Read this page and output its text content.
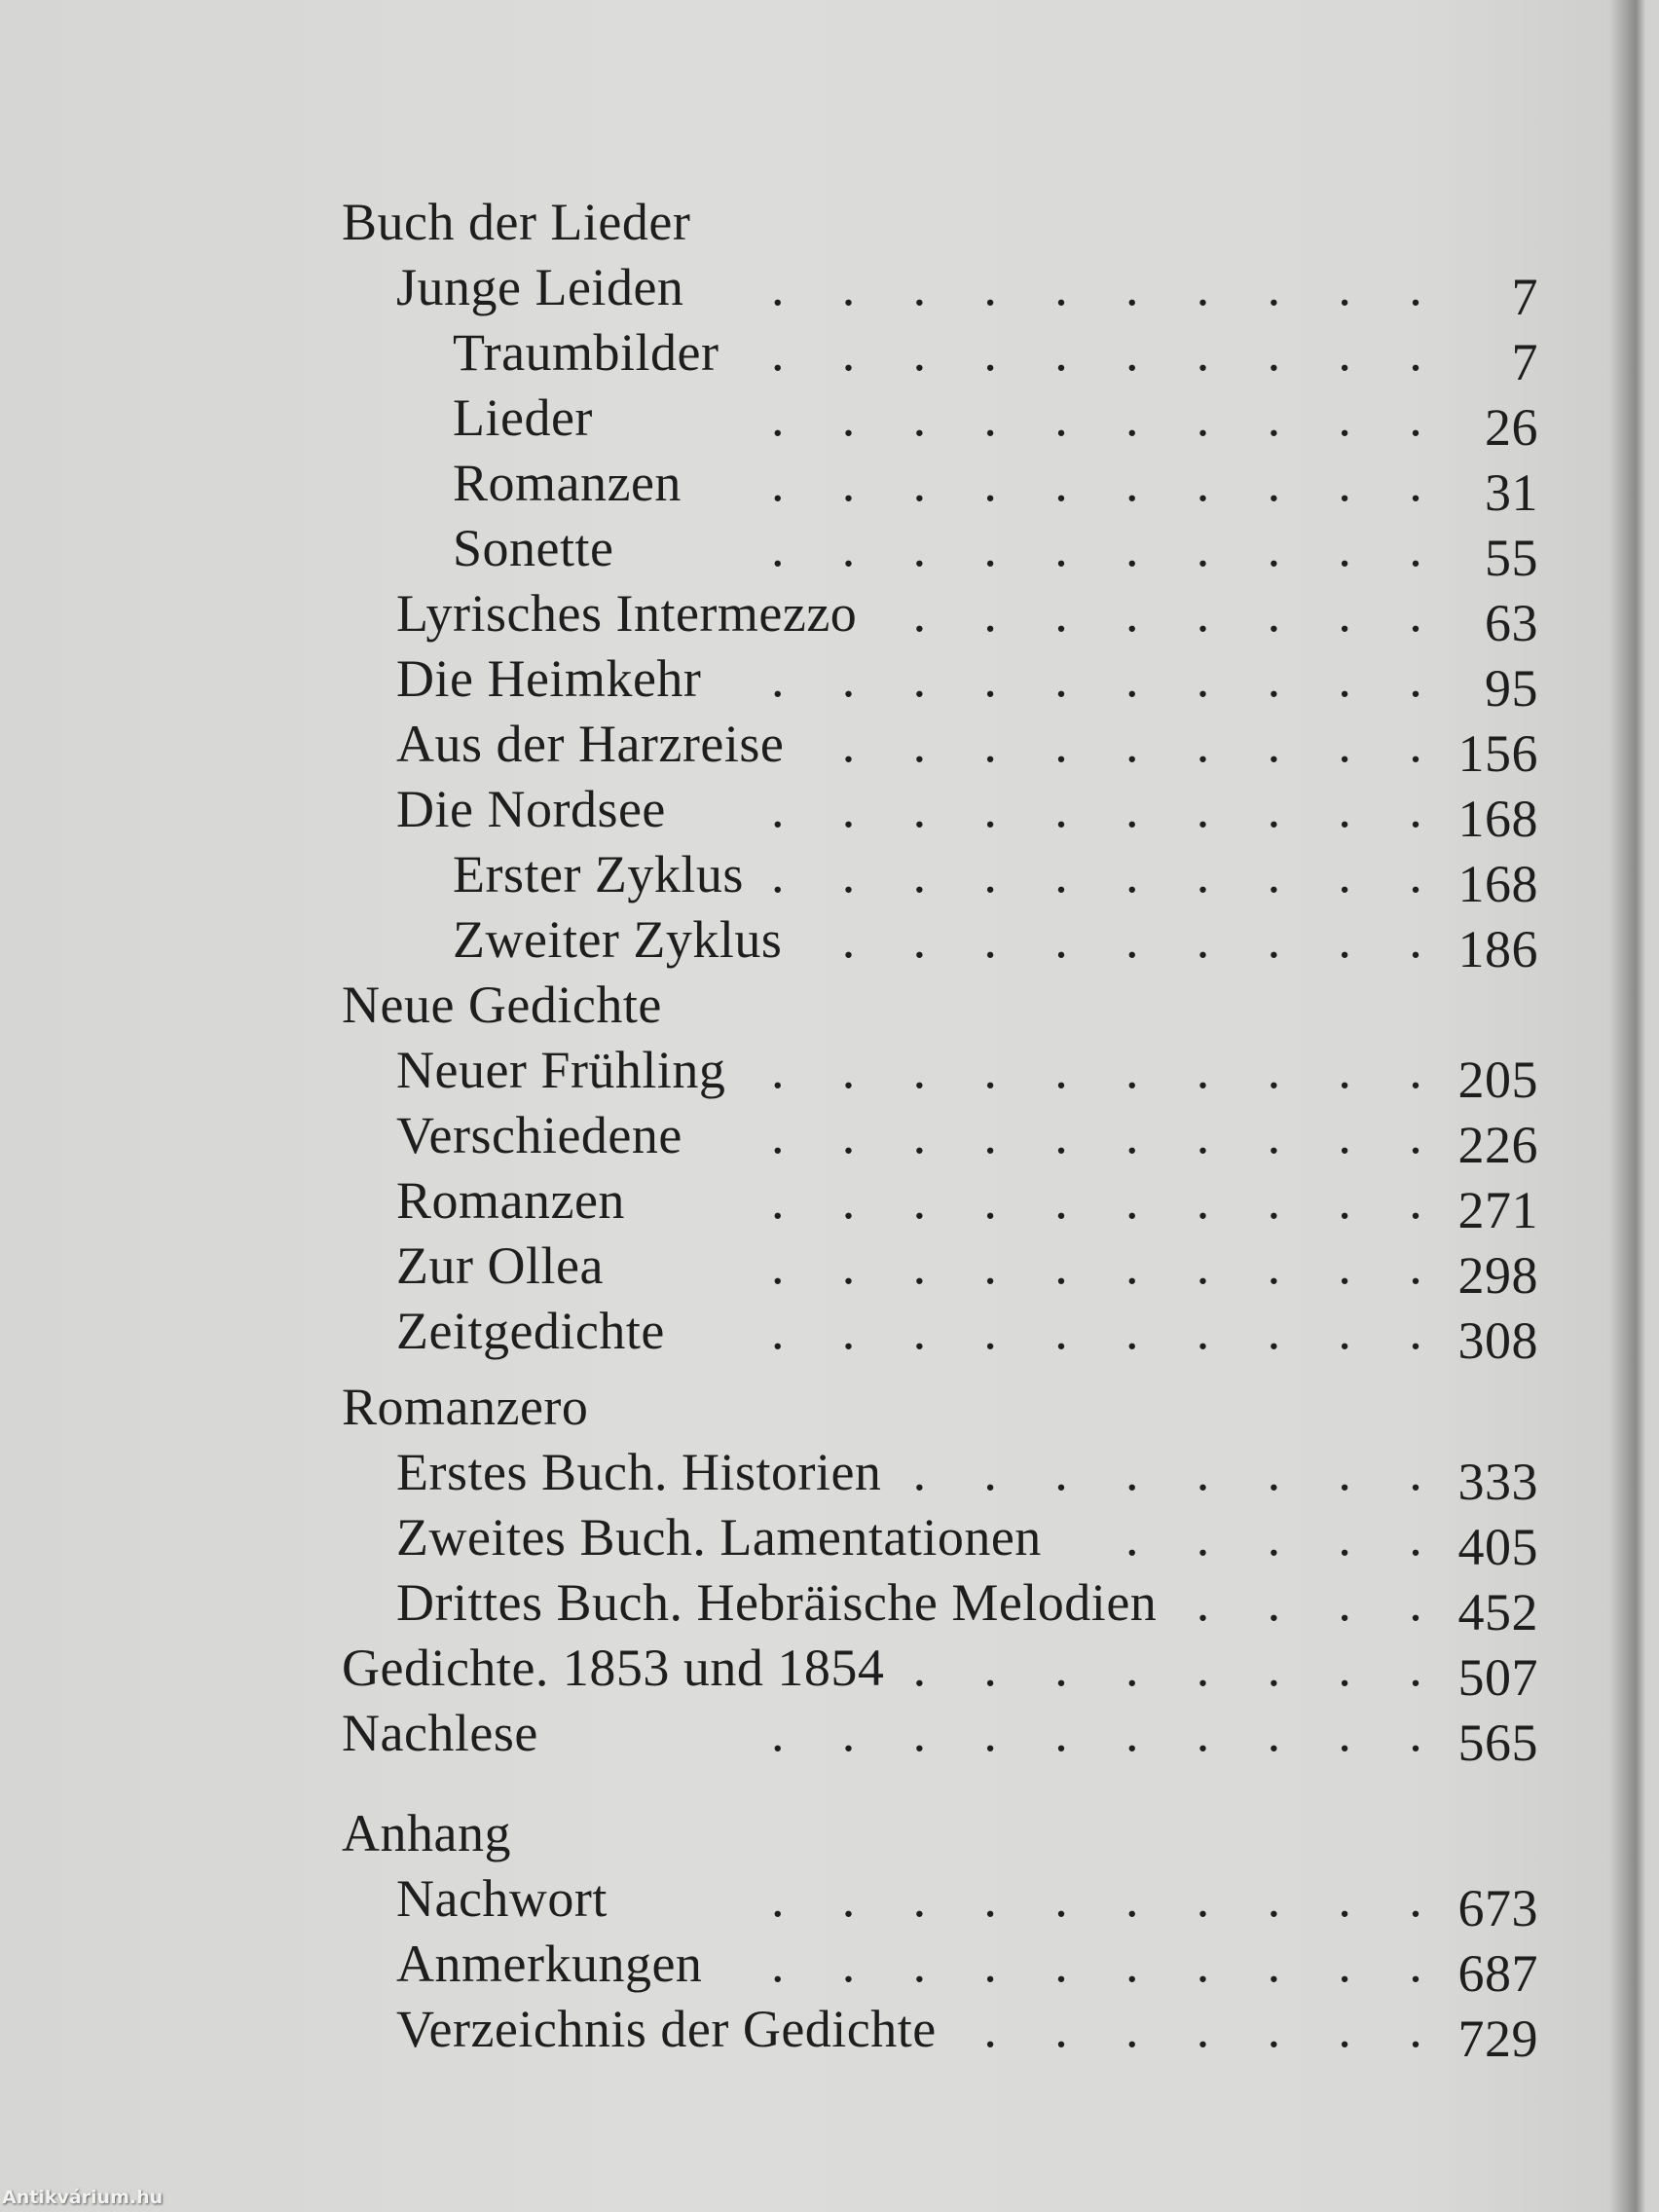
Buch der Lieder
Junge Leiden	7
. . . . . . . . . .
Traumbilder	7
. . . . . . . . . .
Lieder	26
. . . . . . . . . .
Romanzen	31
. . . . . . . . . .
Sonette	55
. . . . . . . . . .
Lyrisches Intermezzo	63
. . . . . . . .
Die Heimkehr	95
. . . . . . . . . .
Aus der Harzreise	156
. . . . . . . . .
Die Nordsee	168
. . . . . . . . . .
Erster Zyklus	168
. . . . . . . . . .
Zweiter Zyklus	186
. . . . . . . . .
Neue Gedichte
Neuer Frühling	205
. . . . . . . . . .
Verschiedene	226
. . . . . . . . . .
Romanzen	271
. . . . . . . . . .
Zur Ollea	298
. . . . . . . . . .
Zeitgedichte	308
. . . . . . . . . .
Romanzero
Erstes Buch. Historien	333
. . . . . . . .
Zweites Buch. Lamentationen	405
. . . . .
Drittes Buch. Hebräische Melodien	452
. . . .
Gedichte. 1853 und 1854	507
. . . . . . . .
Nachlese	565
. . . . . . . . . .
Anhang
Nachwort	673
. . . . . . . . . .
Anmerkungen	687
. . . . . . . . . .
Verzeichnis der Gedichte	729
. . . . . . .
Antikvárium.hu
